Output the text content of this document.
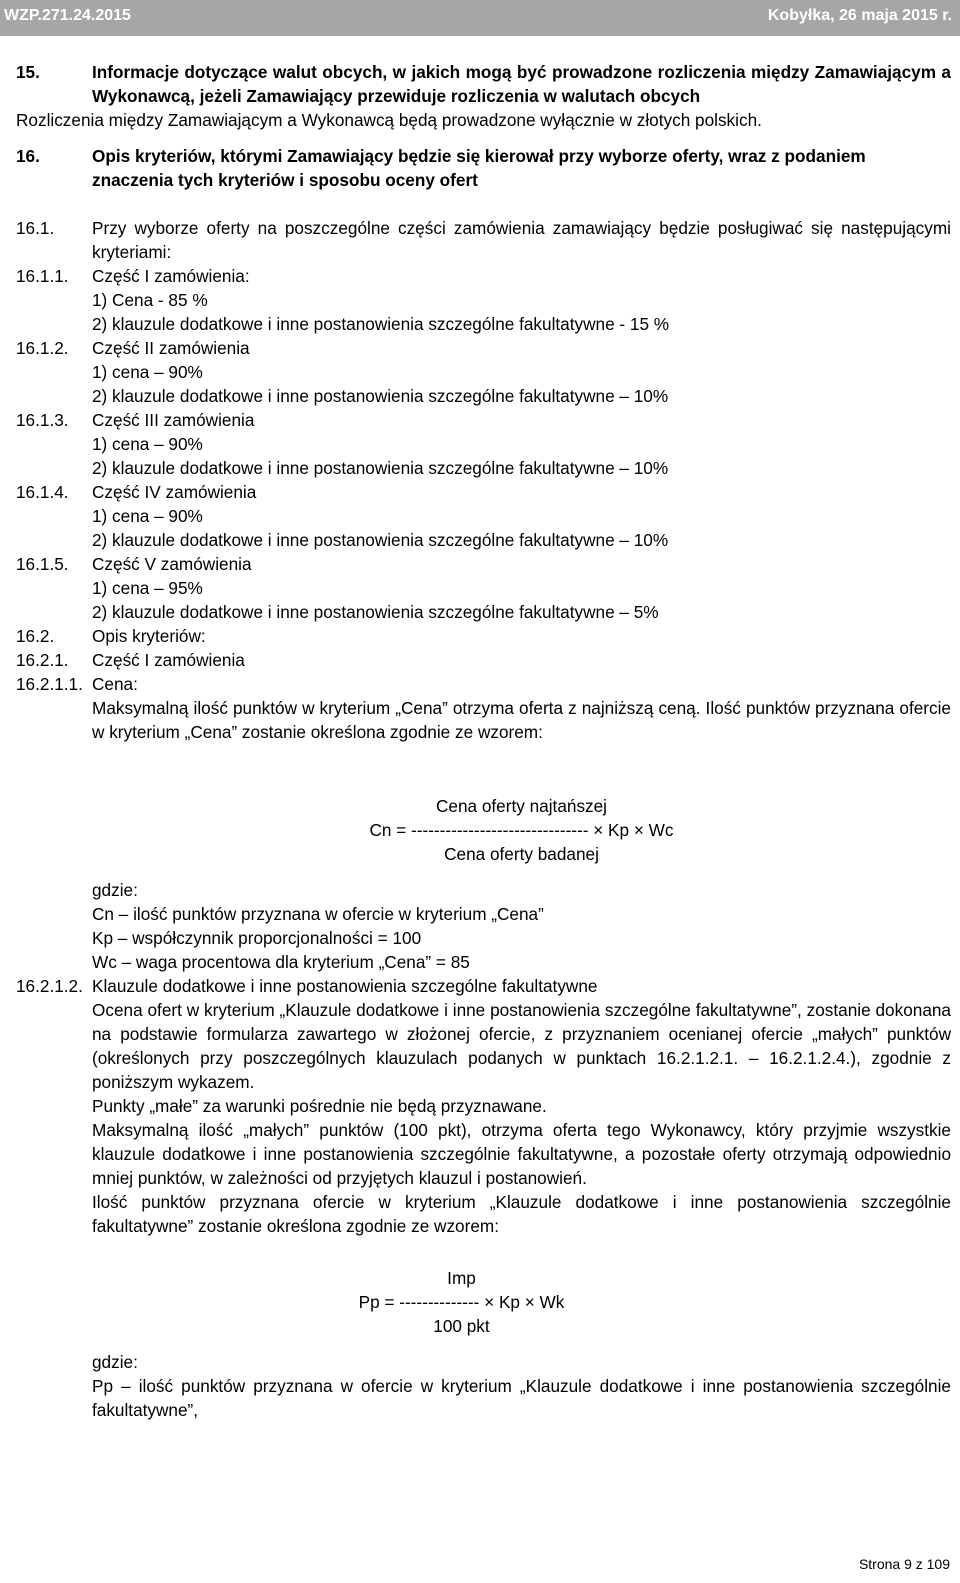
WZP.271.24.2015	Kobyłka, 26 maja 2015 r.
15.	Informacje dotyczące walut obcych, w jakich mogą być prowadzone rozliczenia między Zamawiającym a Wykonawcą, jeżeli Zamawiający przewiduje rozliczenia w walutach obcych
Rozliczenia między Zamawiającym a Wykonawcą będą prowadzone wyłącznie w złotych polskich.
16.	Opis kryteriów, którymi Zamawiający będzie się kierował przy wyborze oferty, wraz z podaniem znaczenia tych kryteriów i sposobu oceny ofert
16.1. Przy wyborze oferty na poszczególne części zamówienia zamawiający będzie posługiwać się następującymi kryteriami:
16.1.1. Część I zamówienia:
1) Cena - 85 %
2) klauzule dodatkowe i inne postanowienia szczególne fakultatywne - 15 %
16.1.2. Część II zamówienia
1) cena – 90%
2) klauzule dodatkowe i inne postanowienia szczególne fakultatywne – 10%
16.1.3. Część III zamówienia
1) cena – 90%
2) klauzule dodatkowe i inne postanowienia szczególne fakultatywne – 10%
16.1.4. Część IV zamówienia
1) cena – 90%
2) klauzule dodatkowe i inne postanowienia szczególne fakultatywne – 10%
16.1.5. Część V zamówienia
1) cena – 95%
2) klauzule dodatkowe i inne postanowienia szczególne fakultatywne – 5%
16.2. Opis kryteriów:
16.2.1. Część I zamówienia
16.2.1.1. Cena:
Maksymalną ilość punktów w kryterium „Cena” otrzyma oferta z najniższą ceną. Ilość punktów przyznana ofercie w kryterium „Cena” zostanie określona zgodnie ze wzorem:
Cena oferty najtańszej
Cn = ------------------------------- × Kp × Wc
Cena oferty badanej
gdzie:
Cn – ilość punktów przyznana w ofercie w kryterium „Cena”
Kp – współczynnik proporcjonalności = 100
Wc – waga procentowa dla kryterium „Cena” = 85
16.2.1.2. Klauzule dodatkowe i inne postanowienia szczególne fakultatywne
Ocena ofert w kryterium „Klauzule dodatkowe i inne postanowienia szczególne fakultatywne”, zostanie dokonana na podstawie formularza zawartego w złożonej ofercie, z przyznaniem ocenianej ofercie „małych” punktów (określonych przy poszczególnych klauzulach podanych w punktach 16.2.1.2.1. – 16.2.1.2.4.), zgodnie z poniższym wykazem.
Punkty „małe” za warunki pośrednie nie będą przyznawane.
Maksymalną ilość „małych” punktów (100 pkt), otrzyma oferta tego Wykonawcy, który przyjmie wszystkie klauzule dodatkowe i inne postanowienia szczególnie fakultatywne, a pozostałe oferty otrzymają odpowiednio mniej punktów, w zależności od przyjętych klauzul i postanowień.
Ilość punktów przyznana ofercie w kryterium „Klauzule dodatkowe i inne postanowienia szczególnie fakultatywne” zostanie określona zgodnie ze wzorem:
Imp
Pp = -------------- × Kp × Wk
100 pkt
gdzie:
Pp – ilość punktów przyznana w ofercie w kryterium „Klauzule dodatkowe i inne postanowienia szczególnie fakultatywne”,
Strona 9 z 109
